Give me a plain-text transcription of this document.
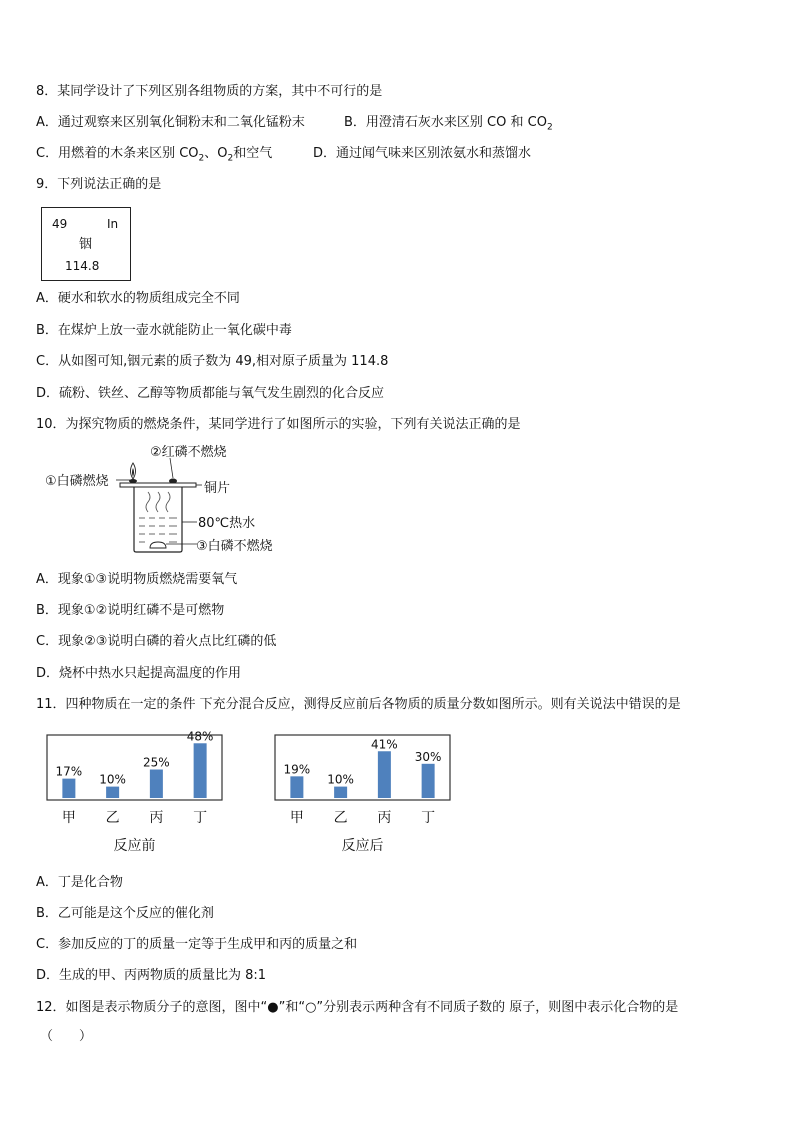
8．某同学设计了下列区别各组物质的方案，其中不可行的是
A．通过观察来区别氧化铜粉末和二氧化锰粉末	B．用澄清石灰水来区别 CO 和 $CO_2$
C．用燃着的木条来区别 $CO_2$、$O_2$和空气	D．通过闻气味来区别浓氨水和蒸馏水
9．下列说法正确的是
49	In
铟
114.8
A．硬水和软水的物质组成完全不同
B．在煤炉上放一壶水就能防止一氧化碳中毒
C．从如图可知,铟元素的质子数为 49,相对原子质量为 114.8
D．硫粉、铁丝、乙醇等物质都能与氧气发生剧烈的化合反应
10．为探究物质的燃烧条件，某同学进行了如图所示的实验，下列有关说法正确的是
①白磷燃烧
②红磷不燃烧
铜片
80℃热水
③白磷不燃烧
A．现象①③说明物质燃烧需要氧气
B．现象①②说明红磷不是可燃物
C．现象②③说明白磷的着火点比红磷的低
D．烧杯中热水只起提高温度的作用
11．四种物质在一定的条件 下充分混合反应，测得反应前后各物质的质量分数如图所示。则有关说法中错误的是
17%
甲
10%
乙
25%
丙
48%
丁
反应前
19%
甲
10%
乙
41%
丙
30%
丁
反应后
A．丁是化合物
B．乙可能是这个反应的催化剂
C．参加反应的丁的质量一定等于生成甲和丙的质量之和
D．生成的甲、丙两物质的质量比为 8:1
12．如图是表示物质分子的意图，图中“●”和“○”分别表示两种含有不同质子数的 原子，则图中表示化合物的是
（　　）
